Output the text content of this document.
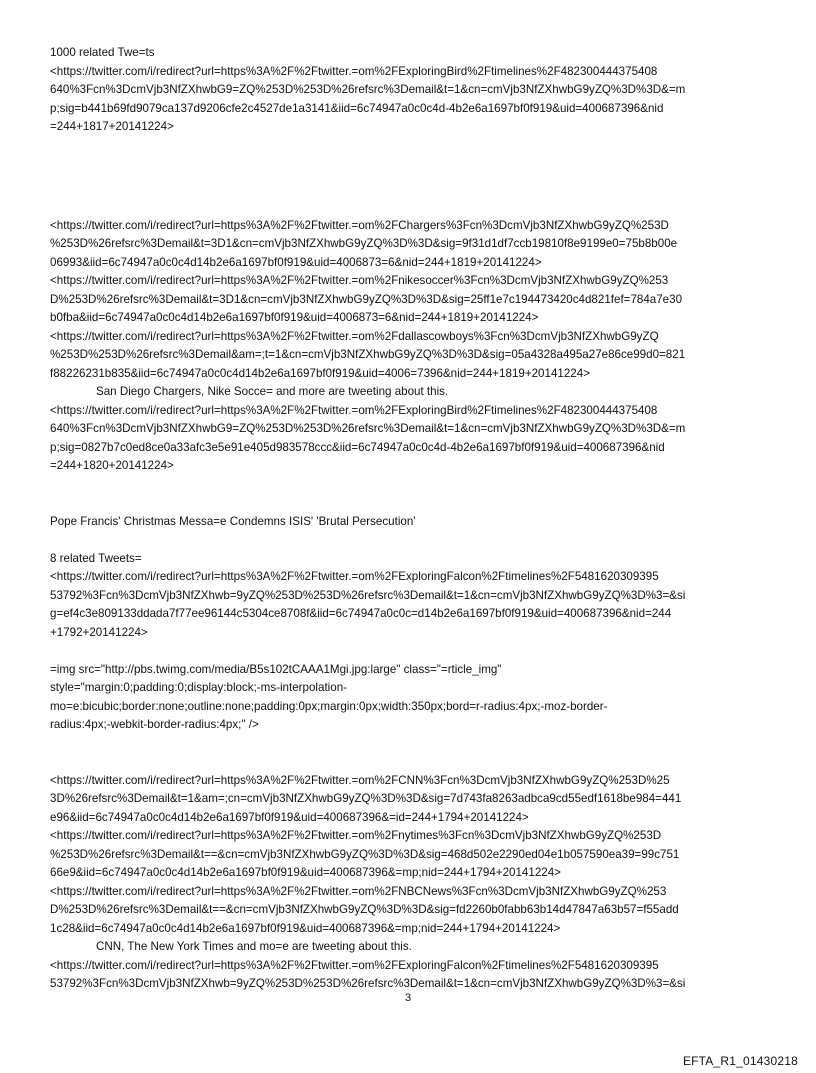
1000 related Twe=ts
<https://twitter.com/i/redirect?url=https%3A%2F%2Ftwitter.=om%2FExploringBird%2Ftimelines%2F482300444375408
640%3Fcn%3DcmVjb3NfZXhwbG9=ZQ%253D%253D%26refsrc%3Demail&t=1&cn=cmVjb3NfZXhwbG9yZQ%3D%3D&=m
p;sig=b441b69fd9079ca137d9206cfe2c4527de1a3141&iid=6c74947a0c0c4d-4b2e6a1697bf0f919&uid=400687396&nid
=244+1817+20141224>
<https://twitter.com/i/redirect?url=https%3A%2F%2Ftwitter.=om%2FChargers%3Fcn%3DcmVjb3NfZXhwbG9yZQ%253D
%253D%26refsrc%3Demail&t=3D1&cn=cmVjb3NfZXhwbG9yZQ%3D%3D&sig=9f31d1df7ccb19810f8e9199e0=75b8b00e
06993&iid=6c74947a0c0c4d14b2e6a1697bf0f919&uid=4006873=6&nid=244+1819+20141224>
<https://twitter.com/i/redirect?url=https%3A%2F%2Ftwitter.=om%2Fnikesoccer%3Fcn%3DcmVjb3NfZXhwbG9yZQ%253
D%253D%26refsrc%3Demail&t=3D1&cn=cmVjb3NfZXhwbG9yZQ%3D%3D&sig=25ff1e7c194473420c4d821fef=784a7e30
b0fba&iid=6c74947a0c0c4d14b2e6a1697bf0f919&uid=4006873=6&nid=244+1819+20141224>
<https://twitter.com/i/redirect?url=https%3A%2F%2Ftwitter.=om%2Fdallascowboys%3Fcn%3DcmVjb3NfZXhwbG9yZQ
%253D%253D%26refsrc%3Demail&am=;t=1&cn=cmVjb3NfZXhwbG9yZQ%3D%3D&sig=05a4328a495a27e86ce99d0=821
f88226231b835&iid=6c74947a0c0c4d14b2e6a1697bf0f919&uid=4006=7396&nid=244+1819+20141224>
San Diego Chargers, Nike Socce= and more are tweeting about this.
<https://twitter.com/i/redirect?url=https%3A%2F%2Ftwitter.=om%2FExploringBird%2Ftimelines%2F482300444375408
640%3Fcn%3DcmVjb3NfZXhwbG9=ZQ%253D%253D%26refsrc%3Demail&t=1&cn=cmVjb3NfZXhwbG9yZQ%3D%3D&=m
p;sig=0827b7c0ed8ce0a33afc3e5e91e405d983578ccc&iid=6c74947a0c0c4d-4b2e6a1697bf0f919&uid=400687396&nid
=244+1820+20141224>
Pope Francis' Christmas Messa=e Condemns ISIS' 'Brutal Persecution'
8 related Tweets=
<https://twitter.com/i/redirect?url=https%3A%2F%2Ftwitter.=om%2FExploringFalcon%2Ftimelines%2F5481620309395
53792%3Fcn%3DcmVjb3NfZXhwb=9yZQ%253D%253D%26refsrc%3Demail&t=1&cn=cmVjb3NfZXhwbG9yZQ%3D%3=&si
g=ef4c3e809133ddada7f77ee96144c5304ce8708f&iid=6c74947a0c0c=d14b2e6a1697bf0f919&uid=400687396&nid=244
+1792+20141224>
=img src="http://pbs.twimg.com/media/B5s102tCAAA1Mgi.jpg:large" class="=rticle_img"
style="margin:0;padding:0;display:block;-ms-interpolation-
mo=e:bicubic;border:none;outline:none;padding:0px;margin:0px;width:350px;bord=r-radius:4px;-moz-border-
radius:4px;-webkit-border-radius:4px;" />
<https://twitter.com/i/redirect?url=https%3A%2F%2Ftwitter.=om%2FCNN%3Fcn%3DcmVjb3NfZXhwbG9yZQ%253D%25
3D%26refsrc%3Demail&t=1&am=;cn=cmVjb3NfZXhwbG9yZQ%3D%3D&sig=7d743fa8263adbca9cd55edf1618be984=441
e96&iid=6c74947a0c0c4d14b2e6a1697bf0f919&uid=400687396&=id=244+1794+20141224>
<https://twitter.com/i/redirect?url=https%3A%2F%2Ftwitter.=om%2Fnytimes%3Fcn%3DcmVjb3NfZXhwbG9yZQ%253D
%253D%26refsrc%3Demail&t==&cn=cmVjb3NfZXhwbG9yZQ%3D%3D&sig=468d502e2290ed04e1b057590ea39=99c751
66e9&iid=6c74947a0c0c4d14b2e6a1697bf0f919&uid=400687396&=mp;nid=244+1794+20141224>
<https://twitter.com/i/redirect?url=https%3A%2F%2Ftwitter.=om%2FNBCNews%3Fcn%3DcmVjb3NfZXhwbG9yZQ%253
D%253D%26refsrc%3Demail&t==&cn=cmVjb3NfZXhwbG9yZQ%3D%3D&sig=fd2260b0fabb63b14d47847a63b57=f55add
1c28&iid=6c74947a0c0c4d14b2e6a1697bf0f919&uid=400687396&=mp;nid=244+1794+20141224>
CNN, The New York Times and mo=e are tweeting about this.
<https://twitter.com/i/redirect?url=https%3A%2F%2Ftwitter.=om%2FExploringFalcon%2Ftimelines%2F5481620309395
53792%3Fcn%3DcmVjb3NfZXhwb=9yZQ%253D%253D%26refsrc%3Demail&t=1&cn=cmVjb3NfZXhwbG9yZQ%3D%3=&si
3
EFTA_R1_01430218
